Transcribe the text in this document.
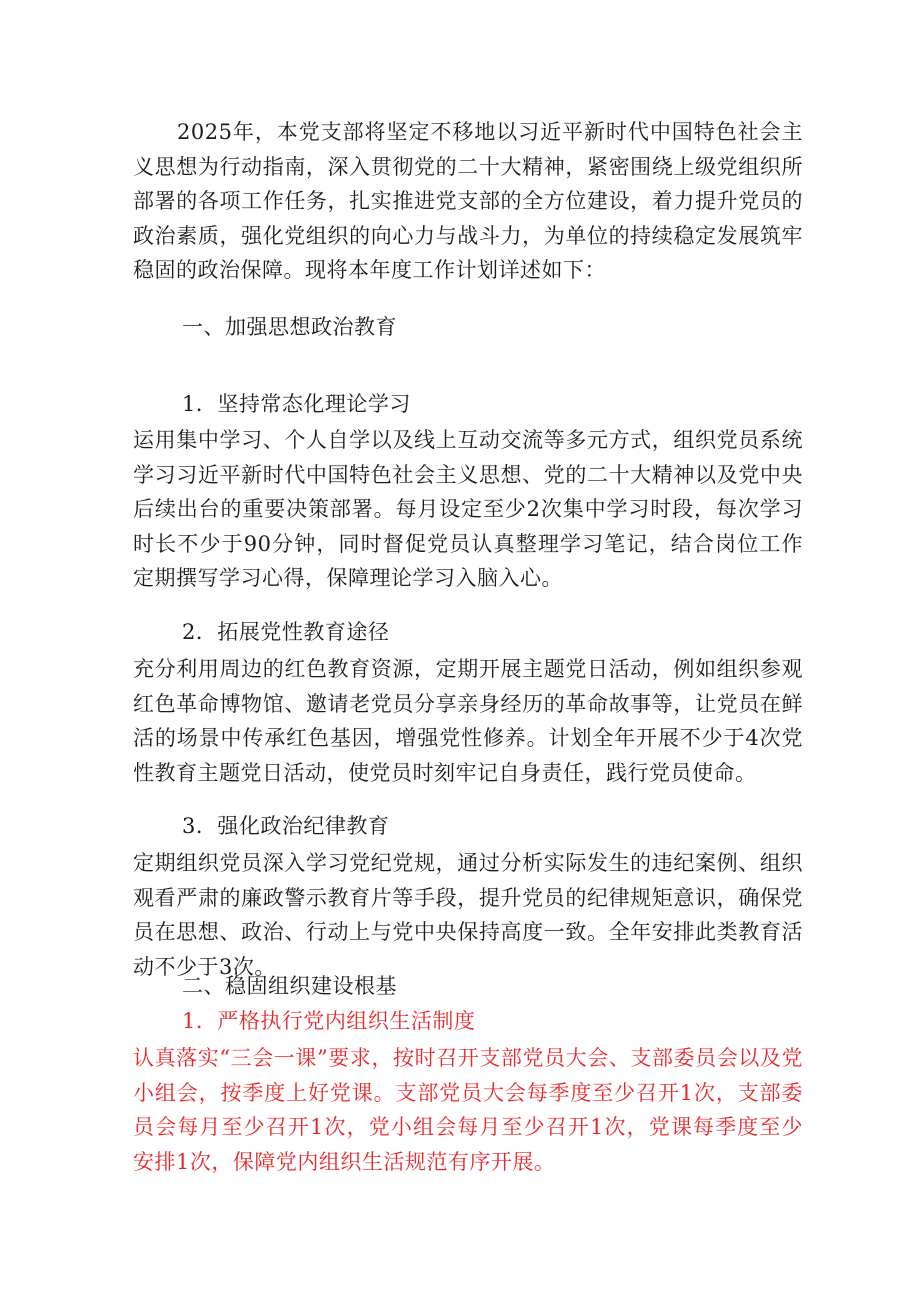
2025年，本党支部将坚定不移地以习近平新时代中国特色社会主义思想为行动指南，深入贯彻党的二十大精神，紧密围绕上级党组织所部署的各项工作任务，扎实推进党支部的全方位建设，着力提升党员的政治素质，强化党组织的向心力与战斗力，为单位的持续稳定发展筑牢稳固的政治保障。现将本年度工作计划详述如下：

一、加强思想政治教育

1．坚持常态化理论学习

运用集中学习、个人自学以及线上互动交流等多元方式，组织党员系统学习习近平新时代中国特色社会主义思想、党的二十大精神以及党中央后续出台的重要决策部署。每月设定至少2次集中学习时段，每次学习时长不少于90分钟，同时督促党员认真整理学习笔记，结合岗位工作定期撰写学习心得，保障理论学习入脑入心。

2．拓展党性教育途径

充分利用周边的红色教育资源，定期开展主题党日活动，例如组织参观红色革命博物馆、邀请老党员分享亲身经历的革命故事等，让党员在鲜活的场景中传承红色基因，增强党性修养。计划全年开展不少于4次党性教育主题党日活动，使党员时刻牢记自身责任，践行党员使命。

3．强化政治纪律教育

定期组织党员深入学习党纪党规，通过分析实际发生的违纪案例、组织观看严肃的廉政警示教育片等手段，提升党员的纪律规矩意识，确保党员在思想、政治、行动上与党中央保持高度一致。全年安排此类教育活动不少于3次。

二、稳固组织建设根基

1．严格执行党内组织生活制度

认真落实“三会一课”要求，按时召开支部党员大会、支部委员会以及党小组会，按季度上好党课。支部党员大会每季度至少召开1次，支部委员会每月至少召开1次，党小组会每月至少召开1次，党课每季度至少安排1次，保障党内组织生活规范有序开展。
